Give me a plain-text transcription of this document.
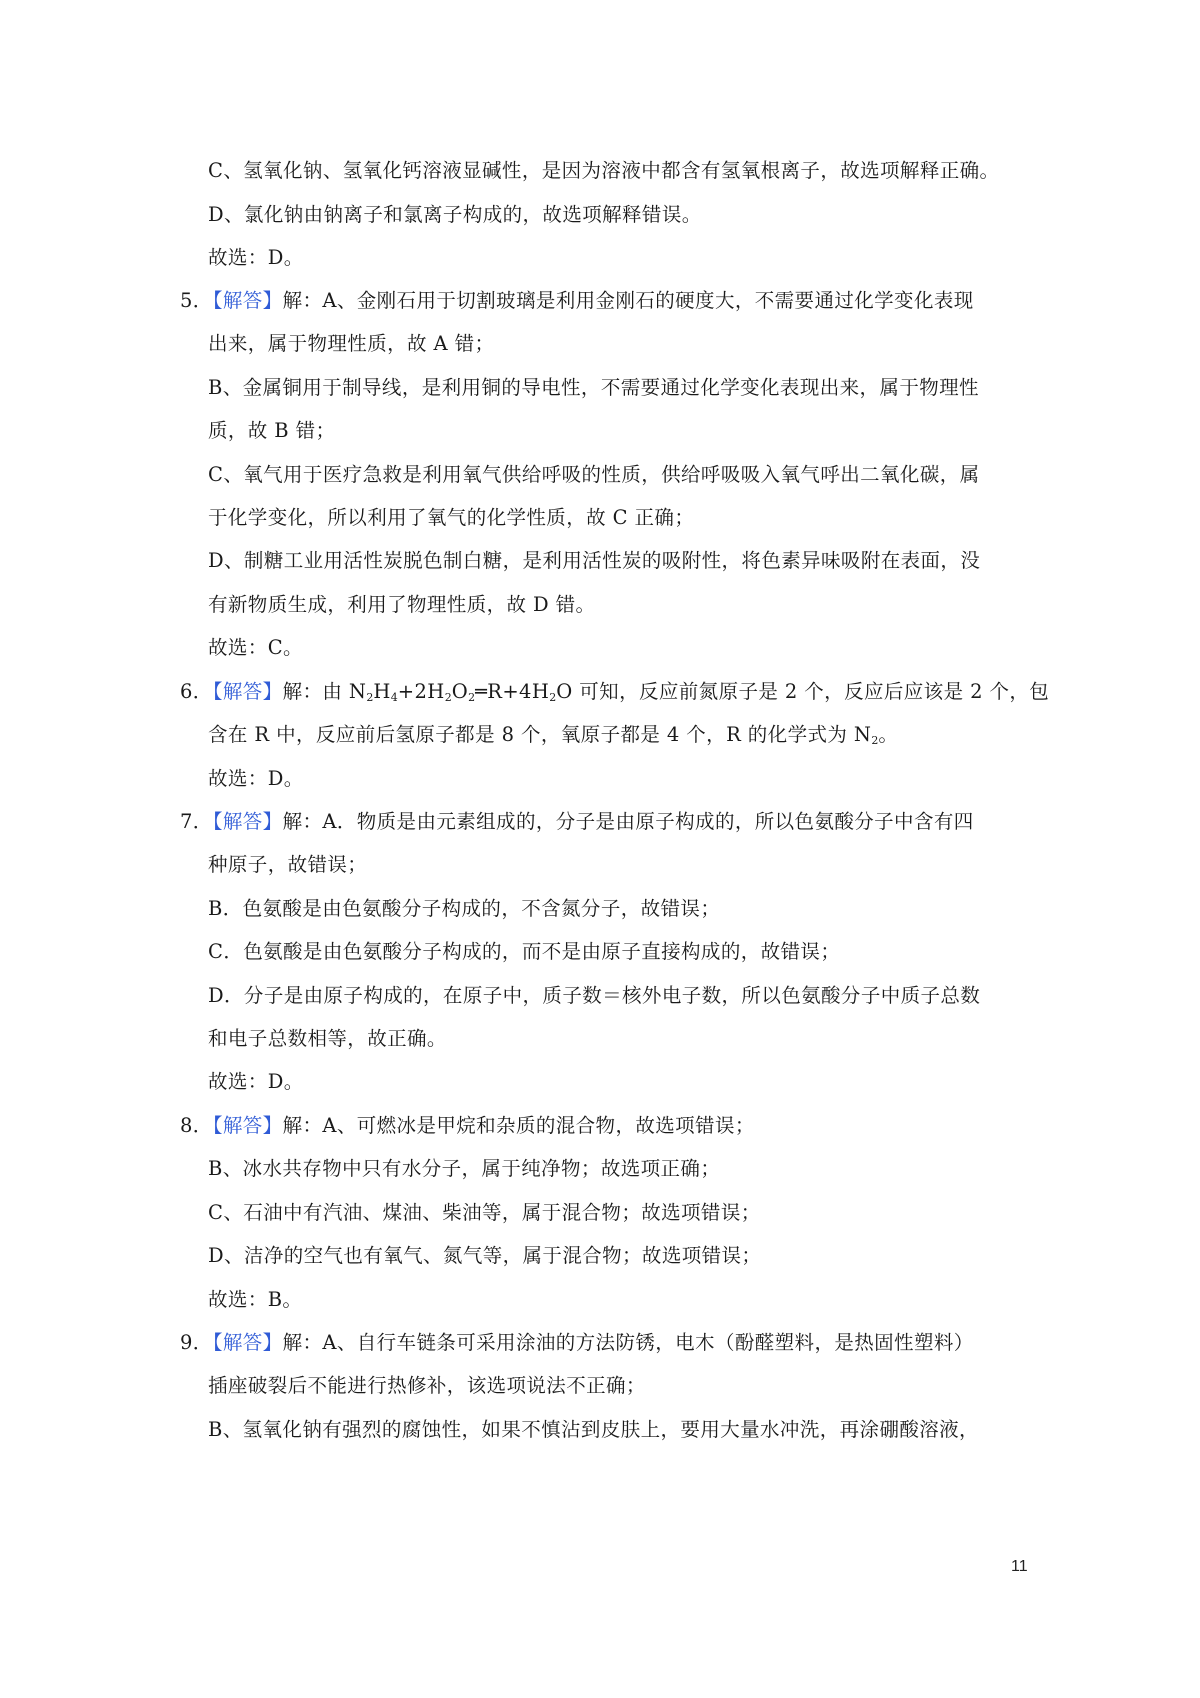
C、氢氧化钠、氢氧化钙溶液显碱性，是因为溶液中都含有氢氧根离子，故选项解释正确。
D、氯化钠由钠离子和氯离子构成的，故选项解释错误。
故选：D。
5．【解答】解：A、金刚石用于切割玻璃是利用金刚石的硬度大，不需要通过化学变化表现
出来，属于物理性质，故 A 错；
B、金属铜用于制导线，是利用铜的导电性，不需要通过化学变化表现出来，属于物理性
质，故 B 错；
C、氧气用于医疗急救是利用氧气供给呼吸的性质，供给呼吸吸入氧气呼出二氧化碳，属
于化学变化，所以利用了氧气的化学性质，故 C 正确；
D、制糖工业用活性炭脱色制白糖，是利用活性炭的吸附性，将色素异味吸附在表面，没
有新物质生成，利用了物理性质，故 D 错。
故选：C。
6．【解答】解：由 $N_2H_4+2H_2O_2═R+4H_2O$ 可知，反应前氮原子是 2 个，反应后应该是 2 个，包
含在 R 中，反应前后氢原子都是 8 个，氧原子都是 4 个，R 的化学式为 $N_2$。
故选：D。
7．【解答】解：A．物质是由元素组成的，分子是由原子构成的，所以色氨酸分子中含有四
种原子，故错误；
B．色氨酸是由色氨酸分子构成的，不含氮分子，故错误；
C．色氨酸是由色氨酸分子构成的，而不是由原子直接构成的，故错误；
D．分子是由原子构成的，在原子中，质子数＝核外电子数，所以色氨酸分子中质子总数
和电子总数相等，故正确。
故选：D。
8．【解答】解：A、可燃冰是甲烷和杂质的混合物，故选项错误；
B、冰水共存物中只有水分子，属于纯净物；故选项正确；
C、石油中有汽油、煤油、柴油等，属于混合物；故选项错误；
D、洁净的空气也有氧气、氮气等，属于混合物；故选项错误；
故选：B。
9．【解答】解：A、自行车链条可采用涂油的方法防锈，电木（酚醛塑料，是热固性塑料）
插座破裂后不能进行热修补，该选项说法不正确；
B、氢氧化钠有强烈的腐蚀性，如果不慎沾到皮肤上，要用大量水冲洗，再涂硼酸溶液，
11
